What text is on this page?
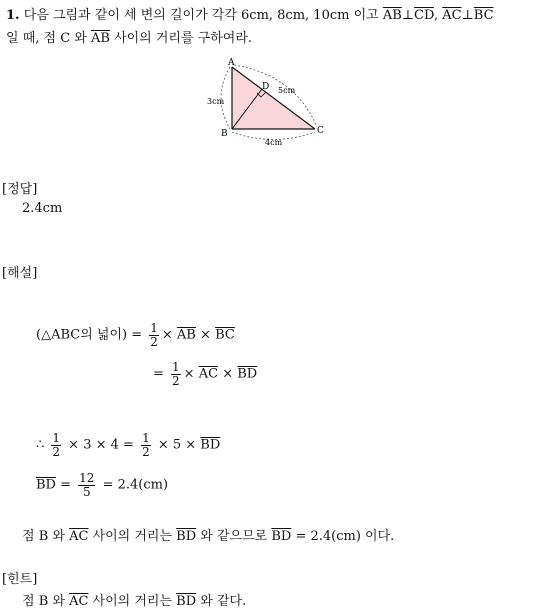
1. 다음 그림과 같이 세 변의 길이가 각각 6cm, 8cm, 10cm 이고 $\overline{AB}\perp\overline{CD}$, $\overline{AC}\perp\overline{BC}$
일 때, 점 C 와 $\overline{AB}$ 사이의 거리를 구하여라.
A
B	C
D
3cm
5cm
4cm
[정답]
2.4cm
[해설]
(△ABC의 넓이) = $\frac{1}{2} \times \overline{AB} \times \overline{BC}$
= $\frac{1}{2} \times \overline{AC} \times \overline{BD}$
∴ $\frac{1}{2} \times 3 \times 4 = \frac{1}{2} \times 5 \times \overline{BD}$
$\overline{BD} = \frac{12}{5} = 2.4(cm)$
점 B 와 $\overline{AC}$ 사이의 거리는 $\overline{BD}$ 와 같으므로 $\overline{BD} = 2.4(cm)$ 이다.
[힌트]
점 B 와 $\overline{AC}$ 사이의 거리는 $\overline{BD}$ 와 같다.
